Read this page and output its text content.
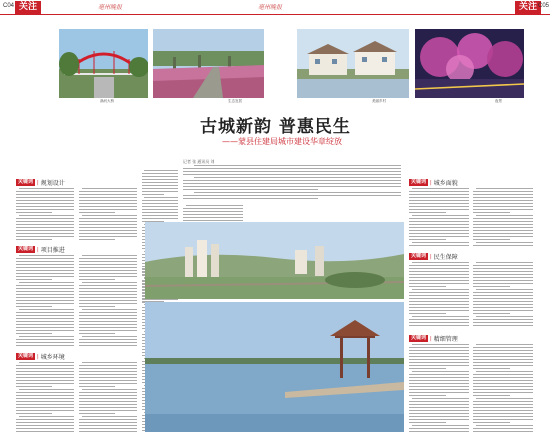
C04 关注	亳州晚报	亳州晚报	关注 C05
涡河大桥	生态宜居	美丽乡村	夜景
古城新韵 普惠民生
——蒙县住建局城市建设华章绽放
记者 张 通讯员 刘
关键词 | 规划设计
关键词 | 项目推进
关键词 | 城乡环境
关键词 | 城乡面貌
关键词 | 民生保障
关键词 | 精细管理
